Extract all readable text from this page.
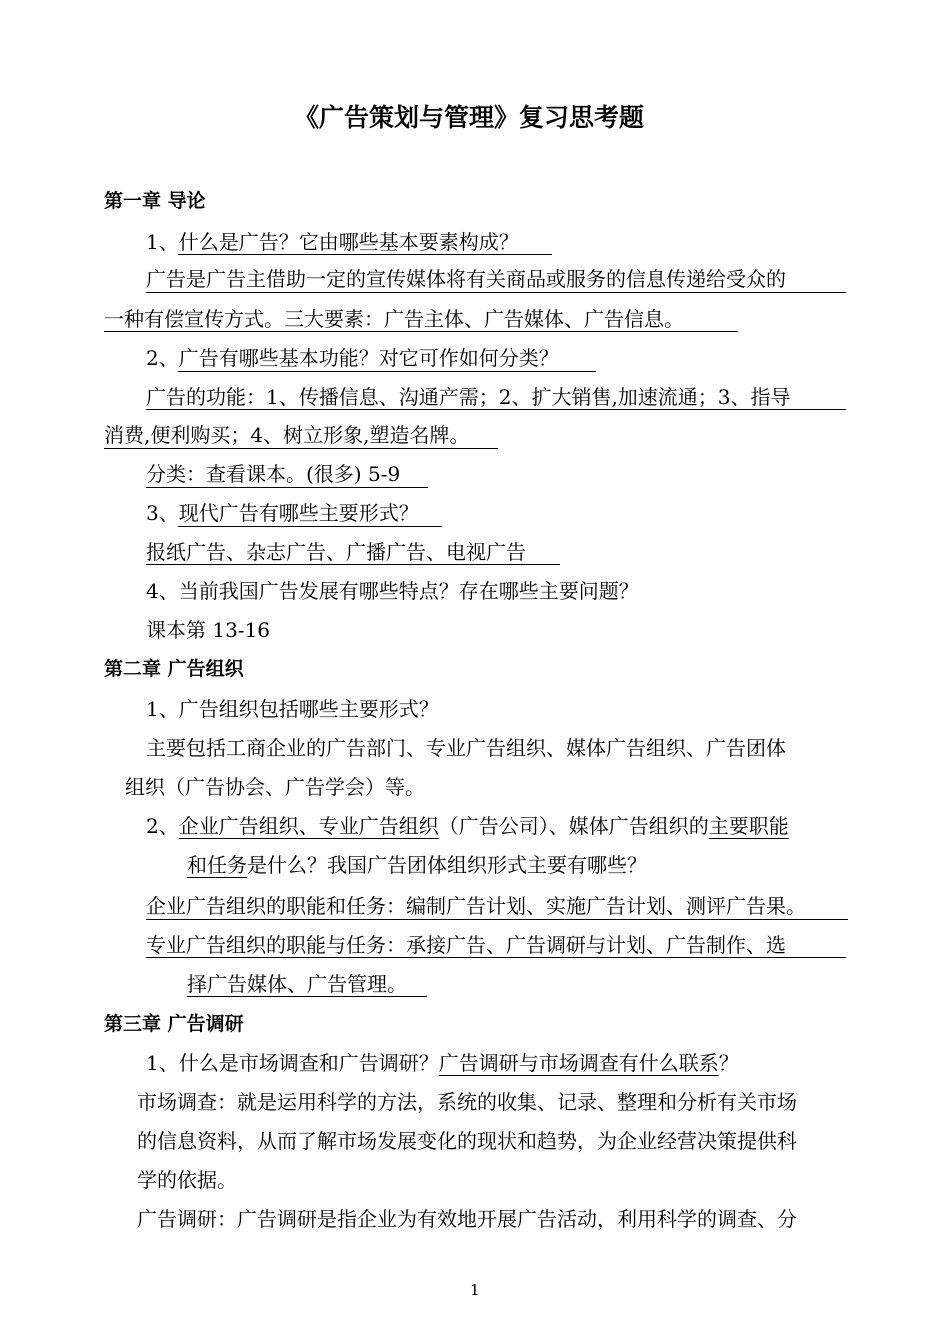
《广告策划与管理》复习思考题
第一章 导论
1、什么是广告？它由哪些基本要素构成？
广告是广告主借助一定的宣传媒体将有关商品或服务的信息传递给受众的
一种有偿宣传方式。三大要素：广告主体、广告媒体、广告信息。
2、广告有哪些基本功能？对它可作如何分类？
广告的功能：1、传播信息、沟通产需；2、扩大销售,加速流通；3、指导
消费,便利购买；4、树立形象,塑造名牌。
分类：查看课本。(很多) 5-9
3、现代广告有哪些主要形式？
报纸广告、杂志广告、广播广告、电视广告
4、当前我国广告发展有哪些特点？存在哪些主要问题？
课本第 13-16
第二章 广告组织
1、广告组织包括哪些主要形式？
主要包括工商企业的广告部门、专业广告组织、媒体广告组织、广告团体
组织（广告协会、广告学会）等。
2、企业广告组织、专业广告组织（广告公司）、媒体广告组织的主要职能
和任务是什么？我国广告团体组织形式主要有哪些？
企业广告组织的职能和任务：编制广告计划、实施广告计划、测评广告果。
专业广告组织的职能与任务：承接广告、广告调研与计划、广告制作、选
择广告媒体、广告管理。
第三章 广告调研
1、什么是市场调查和广告调研？广告调研与市场调查有什么联系？
市场调查：就是运用科学的方法，系统的收集、记录、整理和分析有关市场
的信息资料，从而了解市场发展变化的现状和趋势，为企业经营决策提供科
学的依据。
广告调研：广告调研是指企业为有效地开展广告活动，利用科学的调查、分
1
